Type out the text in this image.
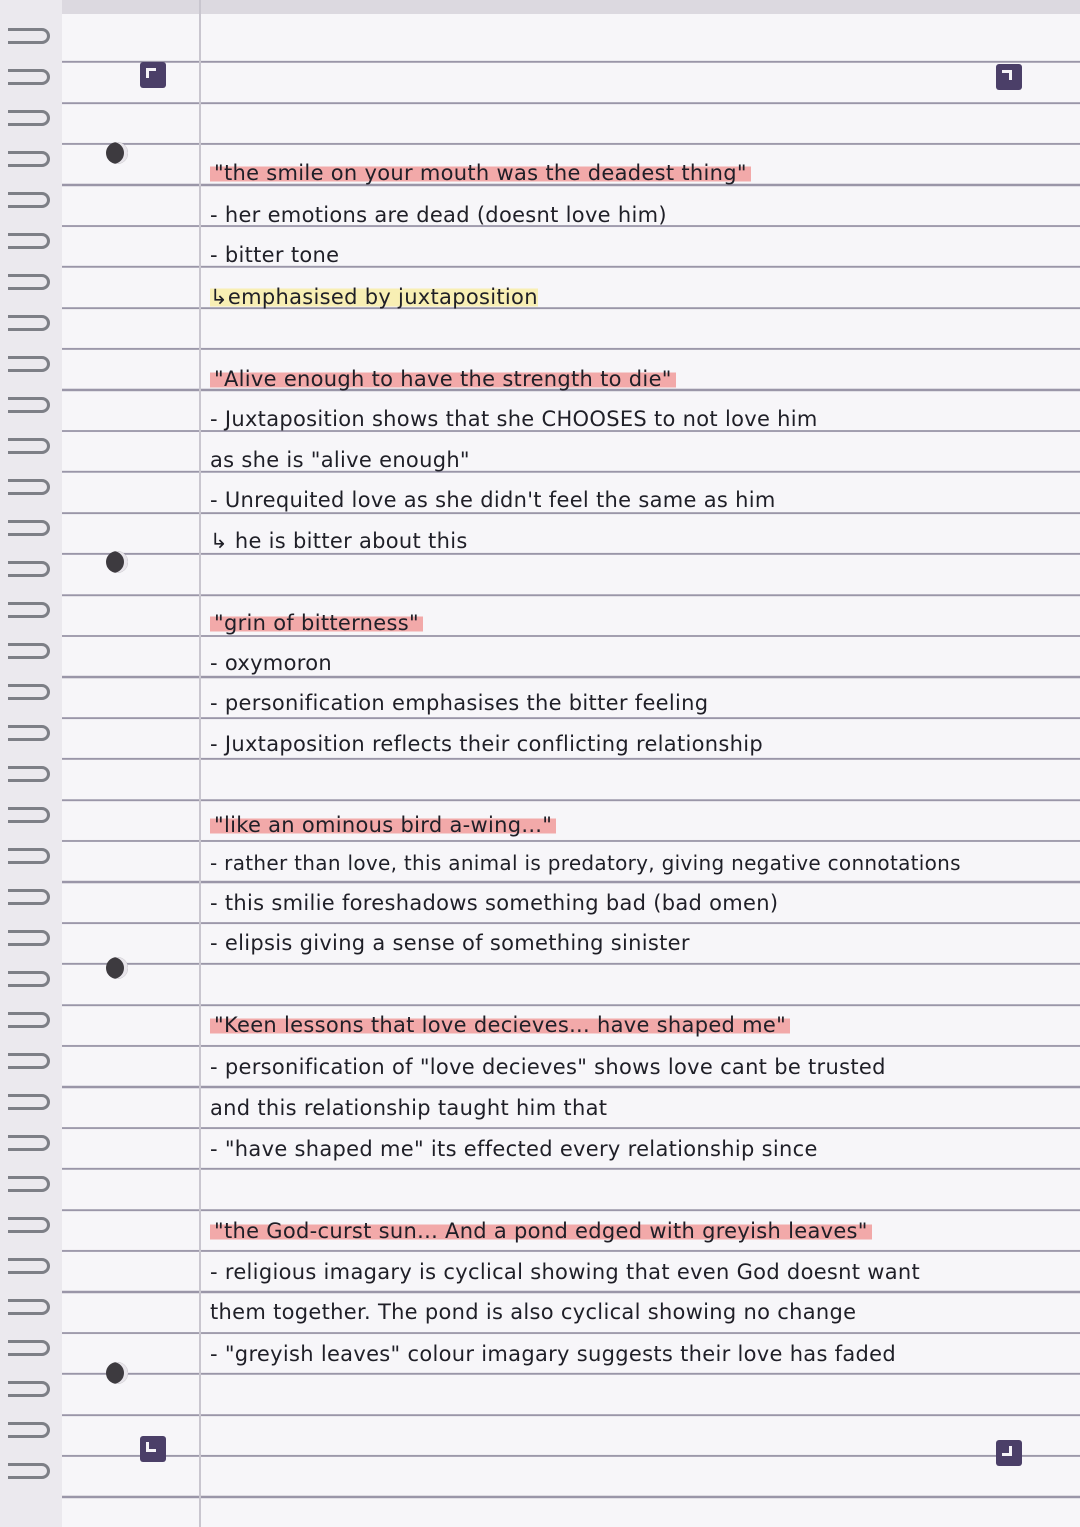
"the smile on your mouth was the deadest thing"
- her emotions are dead (doesnt love him)
- bitter tone
↳emphasised by juxtaposition
"Alive enough to have the strength to die"
- Juxtaposition shows that she CHOOSES to not love him
as she is "alive enough"
- Unrequited love as she didn't feel the same as him
↳ he is bitter about this
"grin of bitterness"
- oxymoron
- personification emphasises the bitter feeling
- Juxtaposition reflects their conflicting relationship
"like an ominous bird a-wing..."
- rather than love, this animal is predatory, giving negative connotations
- this smilie foreshadows something bad (bad omen)
- elipsis giving a sense of something sinister
"Keen lessons that love decieves... have shaped me"
- personification of "love decieves" shows love cant be trusted
and this relationship taught him that
- "have shaped me" its effected every relationship since
"the God-curst sun... And a pond edged with greyish leaves"
- religious imagary is cyclical showing that even God doesnt want
them together. The pond is also cyclical showing no change
- "greyish leaves" colour imagary suggests their love has faded
